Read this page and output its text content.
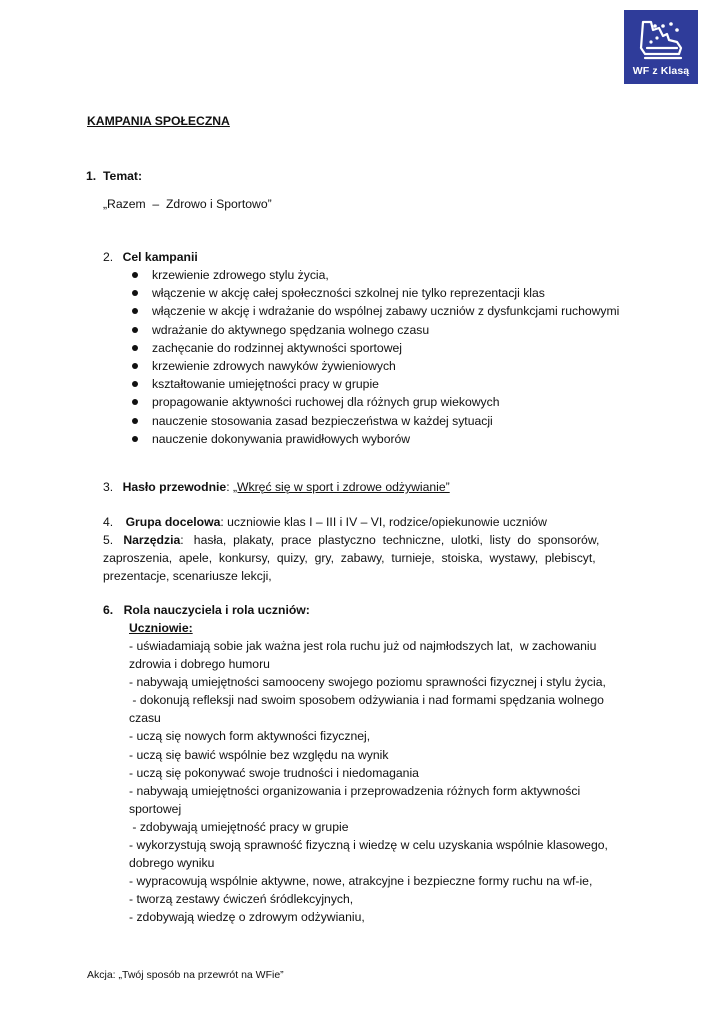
WF z Klasą
KAMPANIA SPOŁECZNA
1. Temat:
„Razem  –  Zdrowo i Sportowo”
2. Cel kampanii
krzewienie zdrowego stylu życia,
włączenie w akcję całej społeczności szkolnej nie tylko reprezentacji klas
włączenie w akcję i wdrażanie do wspólnej zabawy uczniów z dysfunkcjami ruchowymi
wdrażanie do aktywnego spędzania wolnego czasu
zachęcanie do rodzinnej aktywności sportowej
krzewienie zdrowych nawyków żywieniowych
kształtowanie umiejętności pracy w grupie
propagowanie aktywności ruchowej dla różnych grup wiekowych
nauczenie stosowania zasad bezpieczeństwa w każdej sytuacji
nauczenie dokonywania prawidłowych wyborów
3. Hasło przewodnie: „Wkręć się w sport i zdrowe odżywianie”
4. Grupa docelowa: uczniowie klas I – III i IV – VI, rodzice/opiekunowie uczniów
5. Narzędzia:   hasła,  plakaty,  prace  plastyczno  techniczne,  ulotki,  listy  do  sponsorów,
zaproszenia,  apele,  konkursy,  quizy,  gry,  zabawy,  turnieje,  stoiska,  wystawy,  plebiscyt,
prezentacje, scenariusze lekcji,
6. Rola nauczyciela i rola uczniów:
Uczniowie:
- uświadamiają sobie jak ważna jest rola ruchu już od najmłodszych lat,  w zachowaniu
zdrowia i dobrego humoru
- nabywają umiejętności samooceny swojego poziomu sprawności fizycznej i stylu życia,
- dokonują refleksji nad swoim sposobem odżywiania i nad formami spędzania wolnego
czasu
- uczą się nowych form aktywności fizycznej,
- uczą się bawić wspólnie bez względu na wynik
- uczą się pokonywać swoje trudności i niedomagania
- nabywają umiejętności organizowania i przeprowadzenia różnych form aktywności
sportowej
- zdobywają umiejętność pracy w grupie
- wykorzystują swoją sprawność fizyczną i wiedzę w celu uzyskania wspólnie klasowego,
dobrego wyniku
- wypracowują wspólnie aktywne, nowe, atrakcyjne i bezpieczne formy ruchu na wf-ie,
- tworzą zestawy ćwiczeń śródlekcyjnych,
- zdobywają wiedzę o zdrowym odżywianiu,
Akcja: „Twój sposób na przewrót na WFie”
